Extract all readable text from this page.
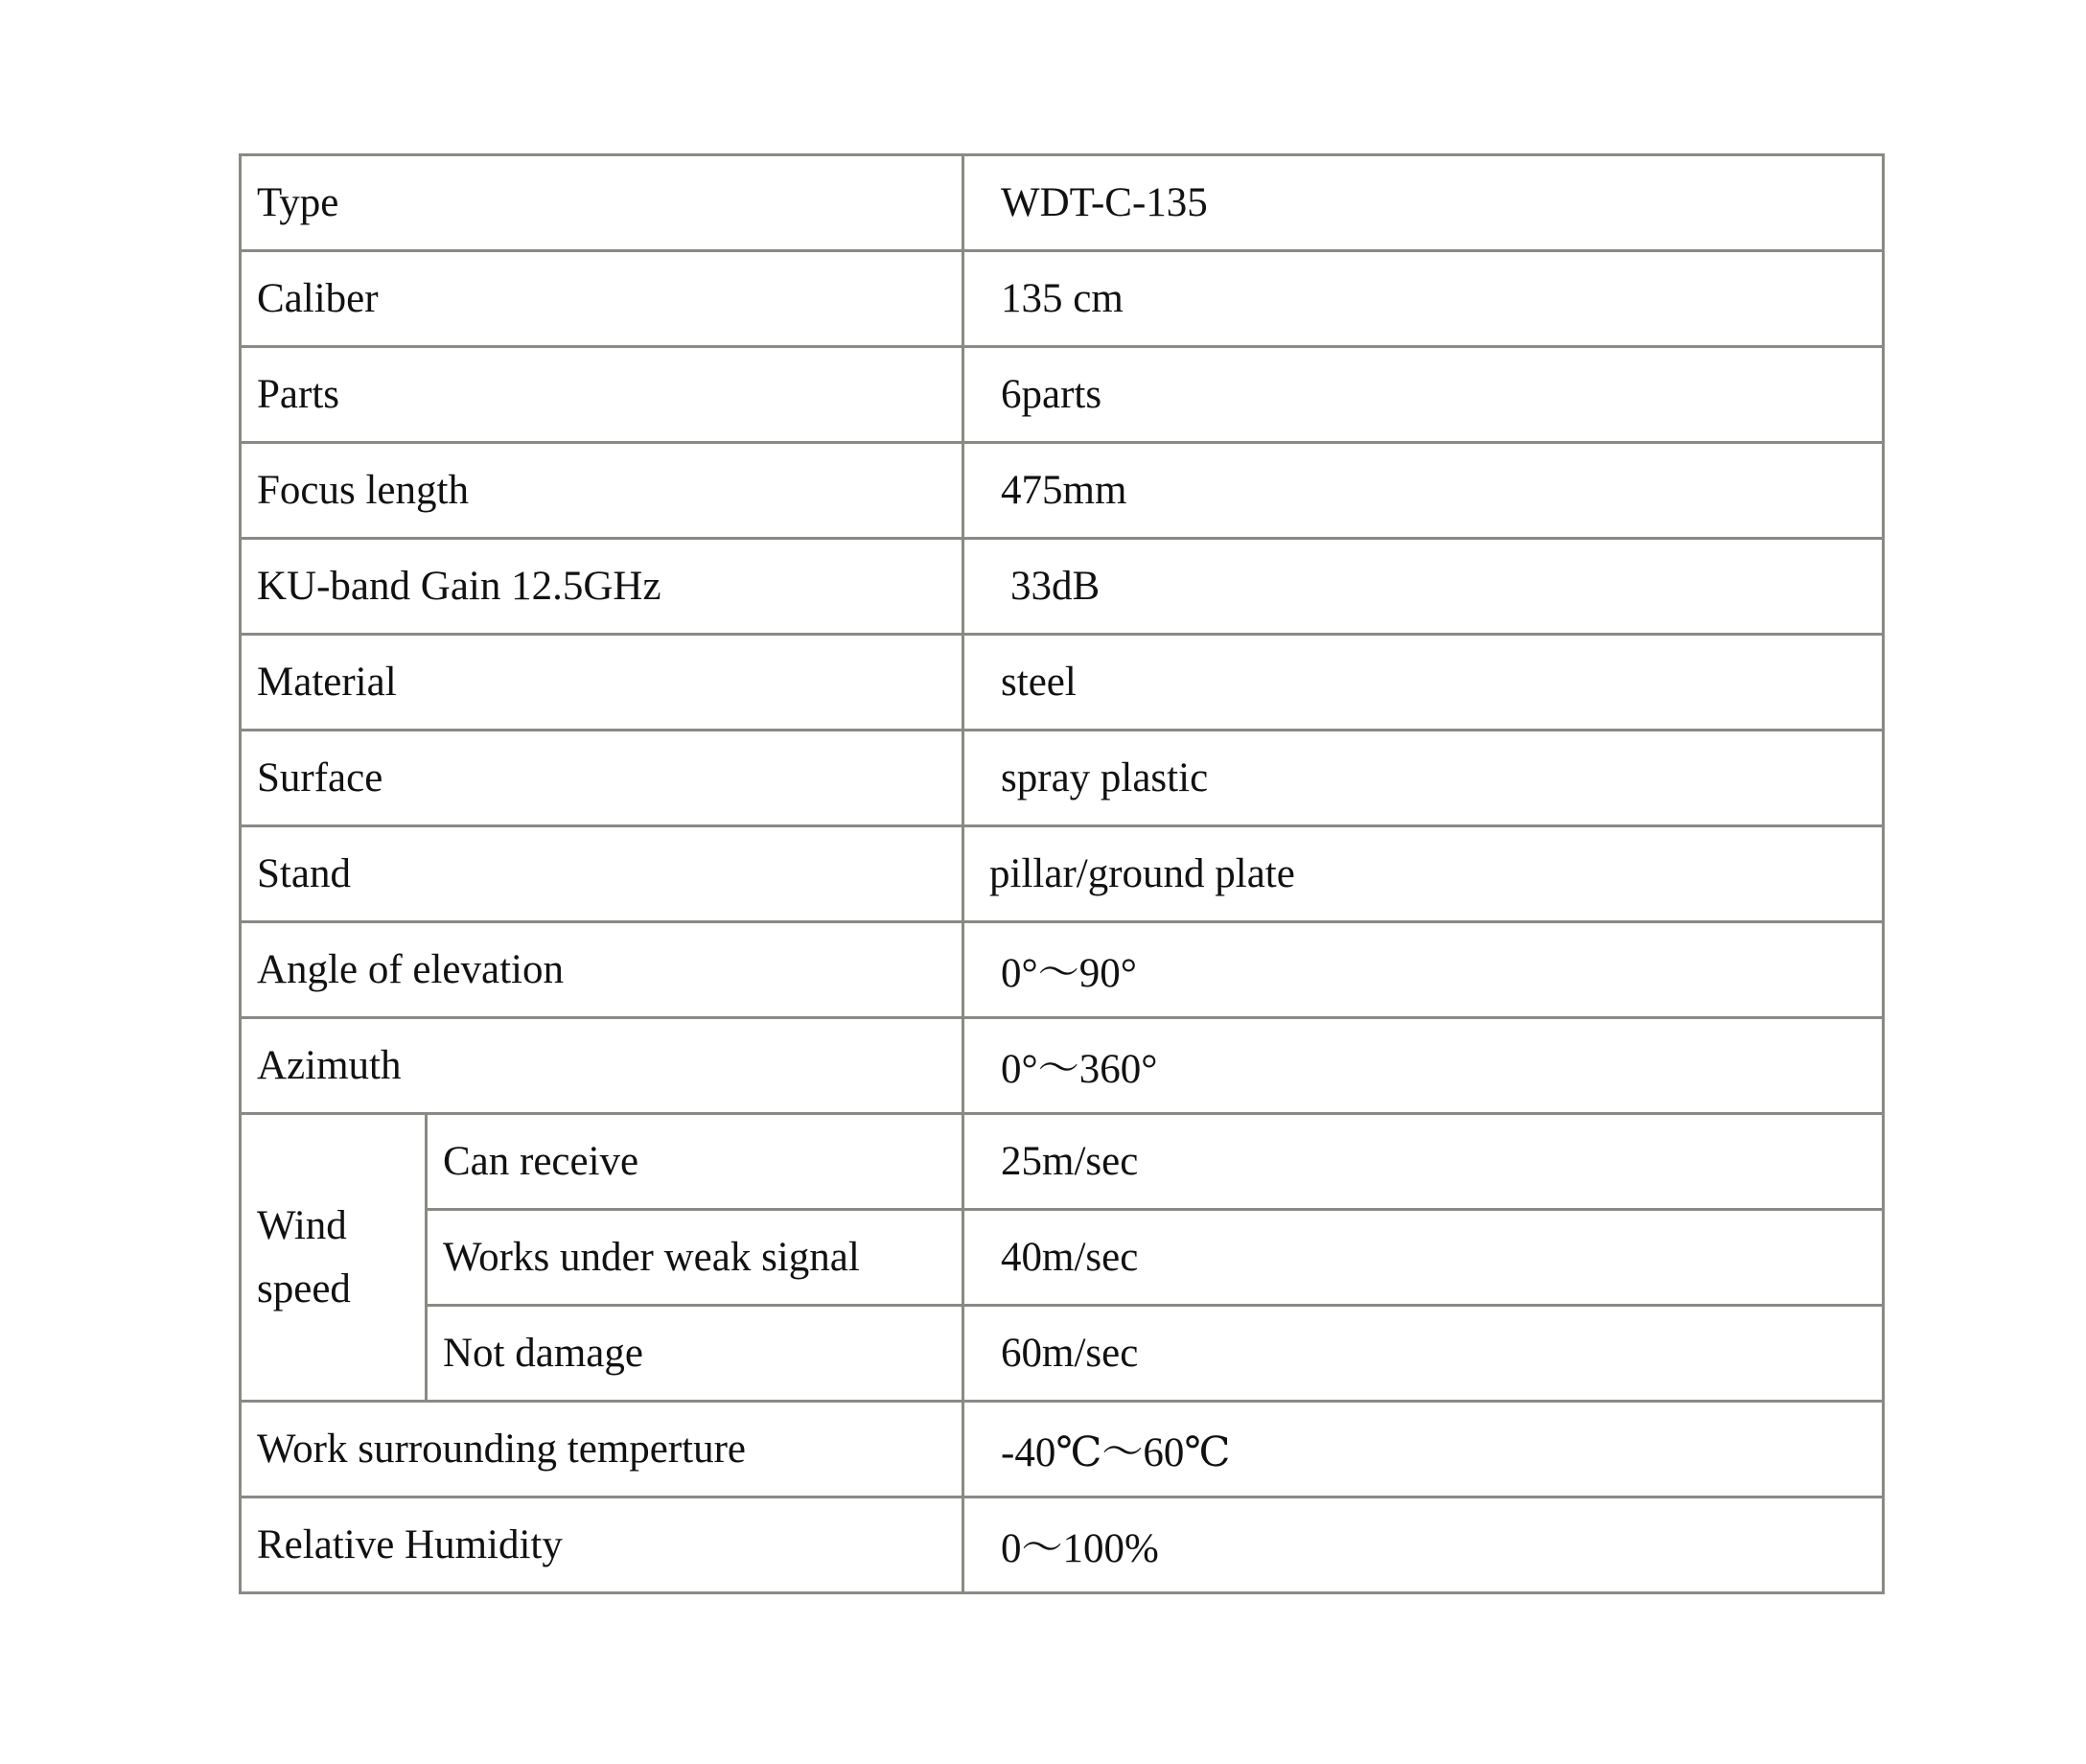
Type		WDT-C-135
Caliber		135 cm
Parts		6parts
Focus length		475mm
KU-band Gain 12.5GHz		33dB
Material		steel
Surface		spray plastic
Stand		pillar/ground plate
Angle of elevation		0°～90°
Azimuth		0°～360°
Wind
speed	Can receive	25m/sec
	Works under weak signal	40m/sec
	Not damage	60m/sec
Work surrounding temperture		-40℃～60℃
Relative Humidity		0～100%
